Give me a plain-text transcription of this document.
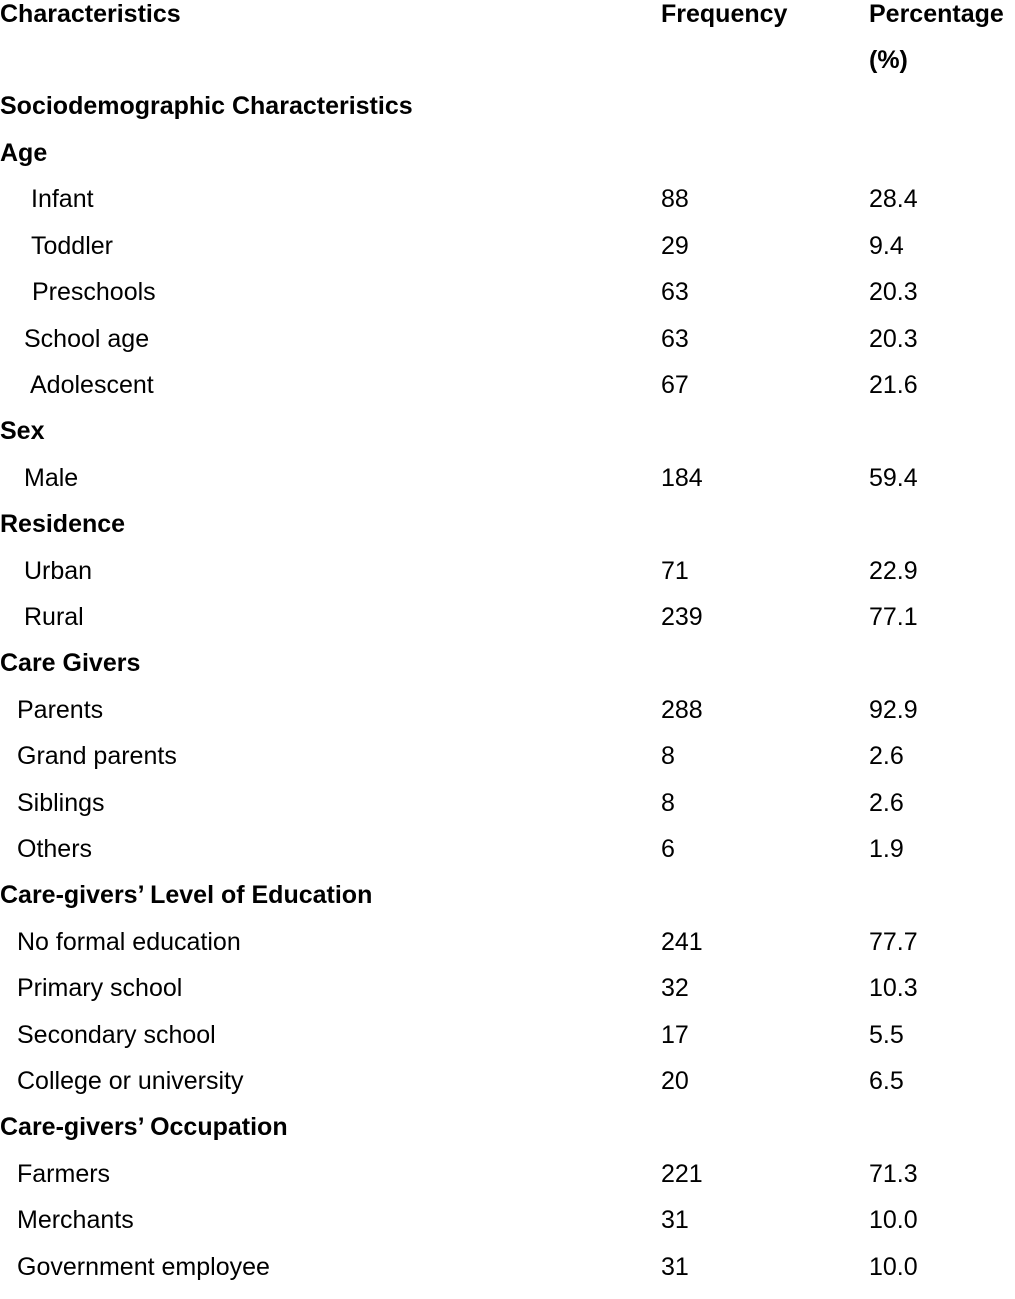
Characteristics	Frequency	Percentage
(%)
Sociodemographic Characteristics
Age
Infant	88	28.4
Toddler	29	9.4
Preschools	63	20.3
School age	63	20.3
Adolescent	67	21.6
Sex
Male	184	59.4
Residence
Urban	71	22.9
Rural	239	77.1
Care Givers
Parents	288	92.9
Grand parents	8	2.6
Siblings	8	2.6
Others	6	1.9
Care-givers’ Level of Education
No formal education	241	77.7
Primary school	32	10.3
Secondary school	17	5.5
College or university	20	6.5
Care-givers’ Occupation
Farmers	221	71.3
Merchants	31	10.0
Government employee	31	10.0
